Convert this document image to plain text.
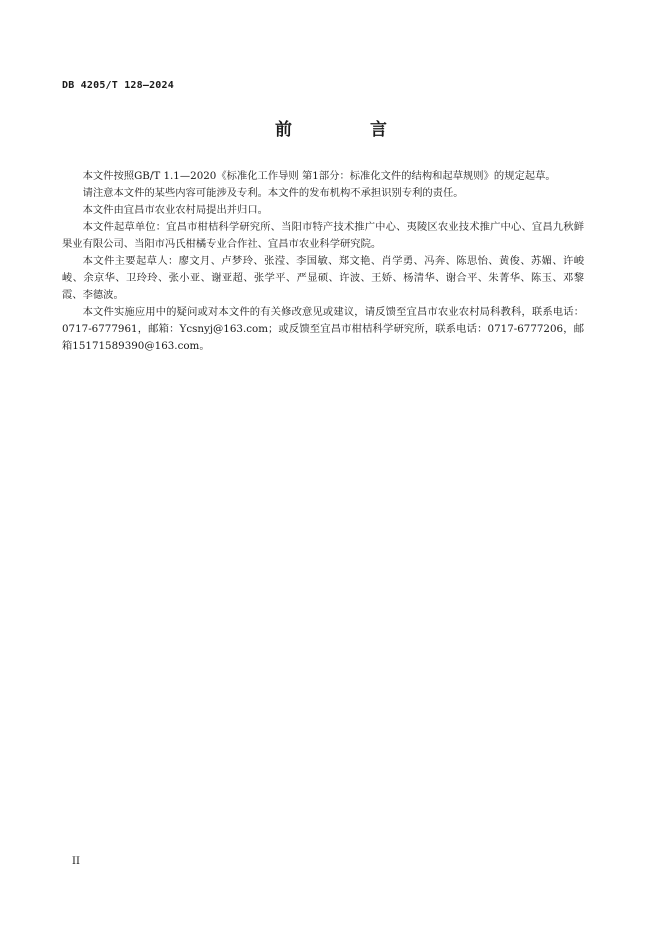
DB 4205/T 128—2024
前 言

本文件按照GB/T 1.1—2020《标准化工作导则 第1部分：标准化文件的结构和起草规则》的规定起草。

请注意本文件的某些内容可能涉及专利。本文件的发布机构不承担识别专利的责任。

本文件由宜昌市农业农村局提出并归口。

本文件起草单位：宜昌市柑桔科学研究所、当阳市特产技术推广中心、夷陵区农业技术推广中心、宜昌九秋鲜果业有限公司、当阳市冯氏柑橘专业合作社、宜昌市农业科学研究院。

本文件主要起草人：廖文月、卢梦玲、张滢、李国敏、郑文艳、肖学勇、冯奔、陈思怡、黄俊、苏媚、许峻崚、余京华、卫玲玲、张小亚、谢亚超、张学平、严显硕、许波、王娇、杨清华、谢合平、朱菁华、陈玉、邓黎霞、李德波。

本文件实施应用中的疑问或对本文件的有关修改意见或建议，请反馈至宜昌市农业农村局科教科，联系电话：0717-6777961，邮箱：Ycsnyj@163.com；或反馈至宜昌市柑桔科学研究所，联系电话：0717-6777206，邮箱15171589390@163.com。

II
